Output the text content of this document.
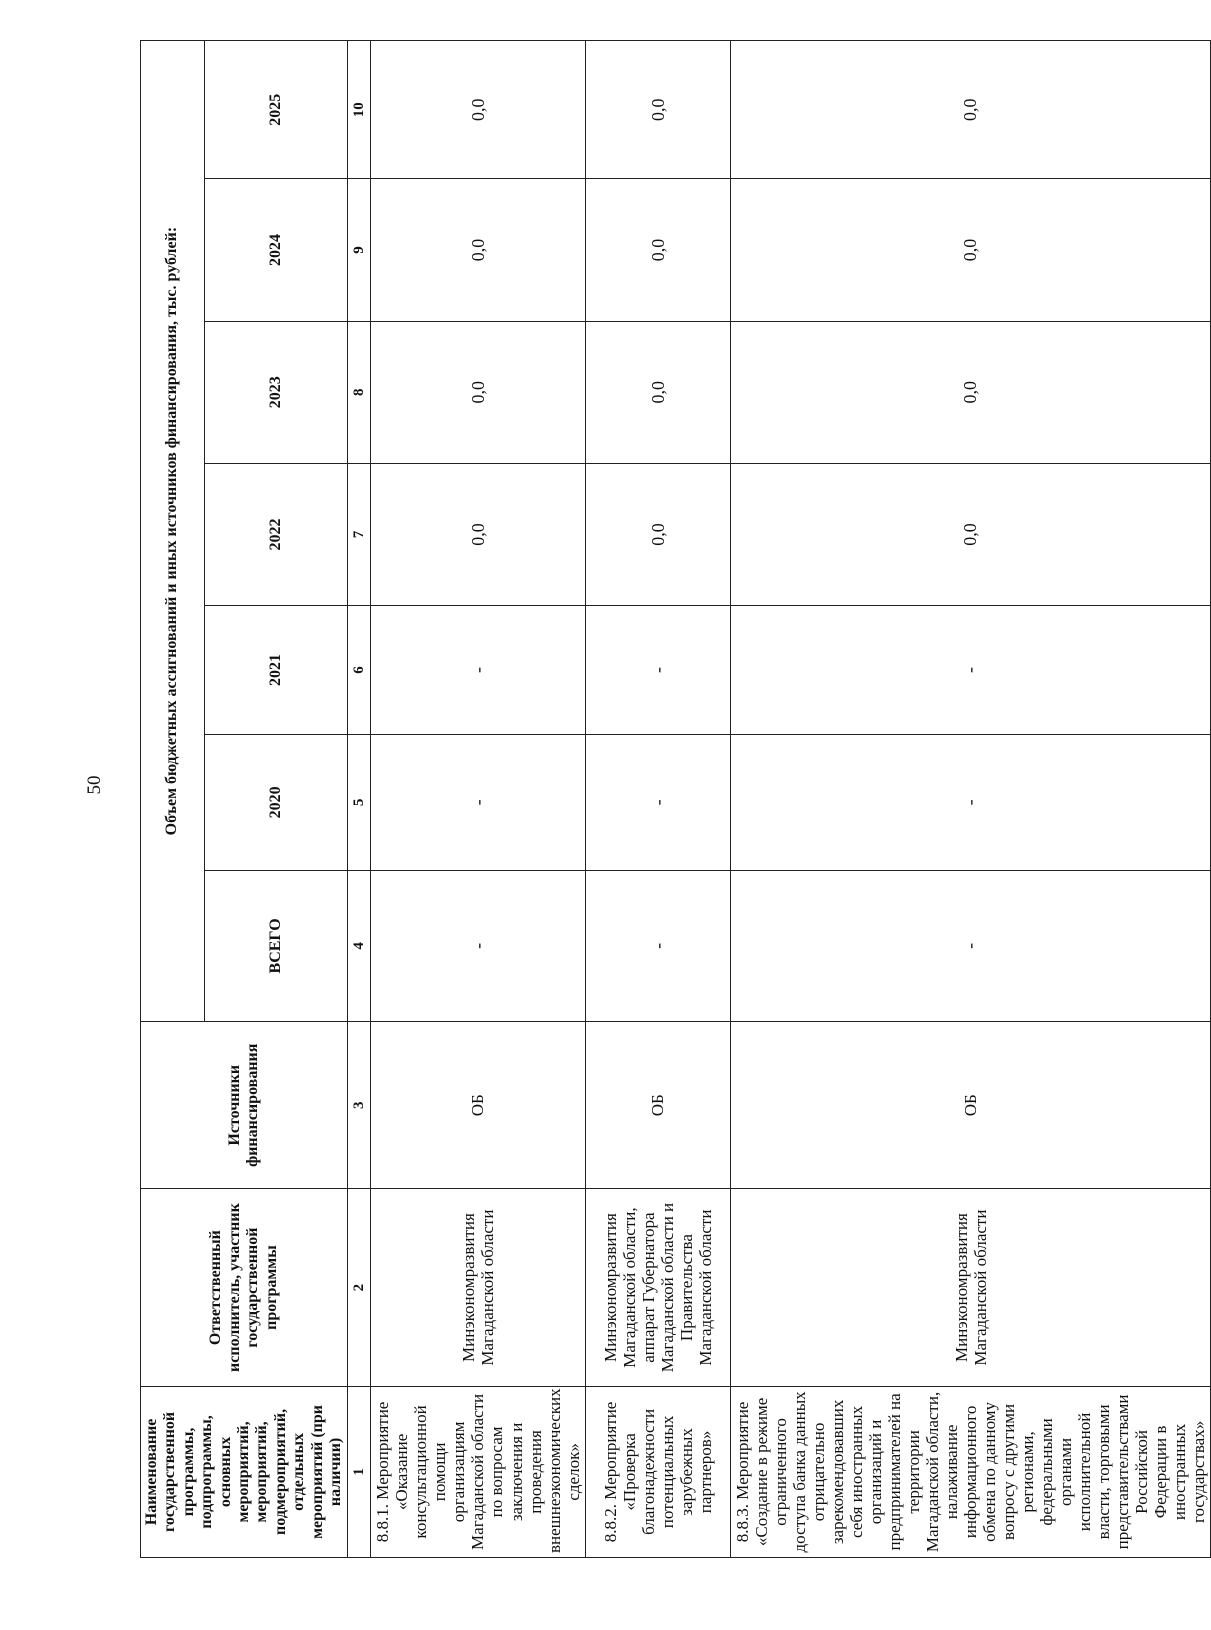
50
Наименование государственной программы, подпрограммы, основных мероприятий, мероприятий, подмероприятий, отдельных мероприятий (при наличии)	Ответственный исполнитель, участник государственной программы	Источники финансирования	Объем бюджетных ассигнований и иных источников финансирования, тыс. рублей:						
			ВСЕГО	2020	2021	2022	2023	2024	2025
1	2	3	4	5	6	7	8	9	10
8.8.1. Мероприятие «Оказание консультационной помощи организациям Магаданской области по вопросам заключения и проведения внешнеэкономических сделок»	Минэкономразвития Магаданской области	ОБ	-	-	-	0,0	0,0	0,0	0,0
8.8.2. Мероприятие «Проверка благонадежности потенциальных зарубежных партнеров»	Минэкономразвития Магаданской области, аппарат Губернатора Магаданской области и Правительства Магаданской области	ОБ	-	-	-	0,0	0,0	0,0	0,0
8.8.3. Мероприятие «Создание в режиме ограниченного доступа банка данных отрицательно зарекомендовавших себя иностранных организаций и предпринимателей на территории Магаданской области, налаживание информационного обмена по данному вопросу с другими регионами, федеральными органами исполнительной власти, торговыми представительствами Российской Федерации в иностранных государствах»	Минэкономразвития Магаданской области	ОБ	-	-	-	0,0	0,0	0,0	0,0
